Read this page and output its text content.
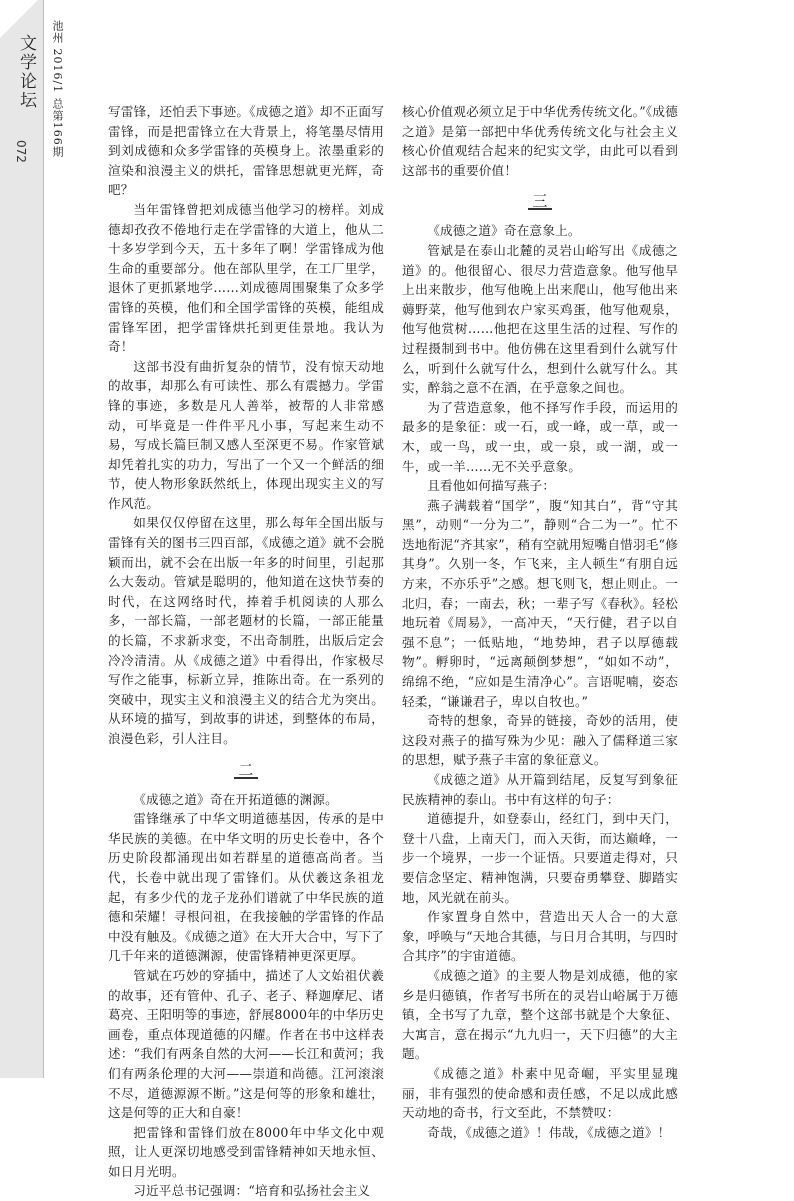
文学论坛
072 池州 2016/1 总第166期	写雷锋，还怕丢下事迹。《成德之道》却不正面写雷锋，而是把雷锋立在大背景上，将笔墨尽情用到刘成德和众多学雷锋的英模身上。浓墨重彩的渲染和浪漫主义的烘托，雷锋思想就更光辉，奇吧？

当年雷锋曾把刘成德当他学习的榜样。刘成德却孜孜不倦地行走在学雷锋的大道上，他从二十多岁学到今天，五十多年了啊！学雷锋成为他生命的重要部分。他在部队里学，在工厂里学，退休了更抓紧地学……刘成德周围聚集了众多学雷锋的英模，他们和全国学雷锋的英模，能组成雷锋军团，把学雷锋烘托到更佳景地。我认为奇！

这部书没有曲折复杂的情节，没有惊天动地的故事，却那么有可读性、那么有震撼力。学雷锋的事迹，多数是凡人善举，被帮的人非常感动，可毕竟是一件件平凡小事，写起来生动不易，写成长篇巨制又感人至深更不易。作家管斌却凭着扎实的功力，写出了一个又一个鲜活的细节，使人物形象跃然纸上，体现出现实主义的写作风范。

如果仅仅停留在这里，那么每年全国出版与雷锋有关的图书三四百部，《成德之道》就不会脱颖而出，就不会在出版一年多的时间里，引起那么大轰动。管斌是聪明的，他知道在这快节奏的时代，在这网络时代，捧着手机阅读的人那么多，一部长篇，一部老题材的长篇，一部正能量的长篇，不求新求变，不出奇制胜，出版后定会冷冷清清。从《成德之道》中看得出，作家极尽写作之能事，标新立异，推陈出奇。在一系列的突破中，现实主义和浪漫主义的结合尤为突出。从环境的描写，到故事的讲述，到整体的布局，浪漫色彩，引人注目。

二

《成德之道》奇在开拓道德的渊源。

雷锋继承了中华文明道德基因，传承的是中华民族的美德。在中华文明的历史长卷中，各个历史阶段都涌现出如若群星的道德高尚者。当代，长卷中就出现了雷锋们。从伏羲这条祖龙起，有多少代的龙子龙孙们谱就了中华民族的道德和荣耀！寻根问祖，在我接触的学雷锋的作品中没有触及。《成德之道》在大开大合中，写下了几千年来的道德渊源，使雷锋精神更深更厚。

管斌在巧妙的穿插中，描述了人文始祖伏羲的故事，还有管仲、孔子、老子、释迦摩尼、诸葛亮、王阳明等的事迹，舒展8000年的中华历史画卷，重点体现道德的闪耀。作者在书中这样表述：“我们有两条自然的大河——长江和黄河；我们有两条伦理的大河——崇道和尚德。江河滚滚不尽，道德源源不断。”这是何等的形象和雄壮，这是何等的正大和自豪！

把雷锋和雷锋们放在8000年中华文化中观照，让人更深切地感受到雷锋精神如天地永恒、如日月光明。

习近平总书记强调：“培育和弘扬社会主义

核心价值观必须立足于中华优秀传统文化。”《成德之道》是第一部把中华优秀传统文化与社会主义核心价值观结合起来的纪实文学，由此可以看到这部书的重要价值！

三

《成德之道》奇在意象上。

管斌是在泰山北麓的灵岩山峪写出《成德之道》的。他很留心、很尽力营造意象。他写他早上出来散步，他写他晚上出来爬山，他写他出来薅野菜，他写他到农户家买鸡蛋，他写他观泉，他写他赏树……他把在这里生活的过程、写作的过程摄制到书中。他仿佛在这里看到什么就写什么，听到什么就写什么，想到什么就写什么。其实，醉翁之意不在酒，在乎意象之间也。

为了营造意象，他不择写作手段，而运用的最多的是象征：或一石，或一峰，或一草，或一木，或一鸟，或一虫，或一泉，或一湖，或一牛，或一羊……无不关乎意象。

且看他如何描写燕子：

燕子满载着“国学”，腹“知其白”，背“守其黑”，动则“一分为二”，静则“合二为一”。忙不迭地衔泥“齐其家”，稍有空就用短嘴自惜羽毛“修其身”。久别一冬，乍飞来，主人顿生“有朋自远方来，不亦乐乎”之感。想飞则飞，想止则止。一北归，春；一南去，秋；一辈子写《春秋》。轻松地玩着《周易》，一高冲天，“天行健，君子以自强不息”；一低贴地，“地势坤，君子以厚德载物”。孵卵时，“远离颠倒梦想”，“如如不动”，绵绵不绝，“应如是生清净心”。言语呢喃，姿态轻柔，“谦谦君子，卑以自牧也。”

奇特的想象，奇异的链接，奇妙的活用，使这段对燕子的描写殊为少见：融入了儒释道三家的思想，赋予燕子丰富的象征意义。

《成德之道》从开篇到结尾，反复写到象征民族精神的泰山。书中有这样的句子：

道德提升，如登泰山，经红门，到中天门，登十八盘，上南天门，而入天街，而达巅峰，一步一个境界，一步一个证悟。只要道走得对，只要信念坚定、精神饱满，只要奋勇攀登、脚踏实地，风光就在前头。

作家置身自然中，营造出天人合一的大意象，呼唤与“天地合其德，与日月合其明，与四时合其序”的宇宙道德。

《成德之道》的主要人物是刘成德，他的家乡是归德镇，作者写书所在的灵岩山峪属于万德镇，全书写了九章，整个这部书就是个大象征、大寓言，意在揭示“九九归一，天下归德”的大主题。

《成德之道》朴素中见奇崛，平实里显瑰丽，非有强烈的使命感和责任感，不足以成此感天动地的奇书，行文至此，不禁赞叹：

奇哉，《成德之道》！伟哉，《成德之道》！
